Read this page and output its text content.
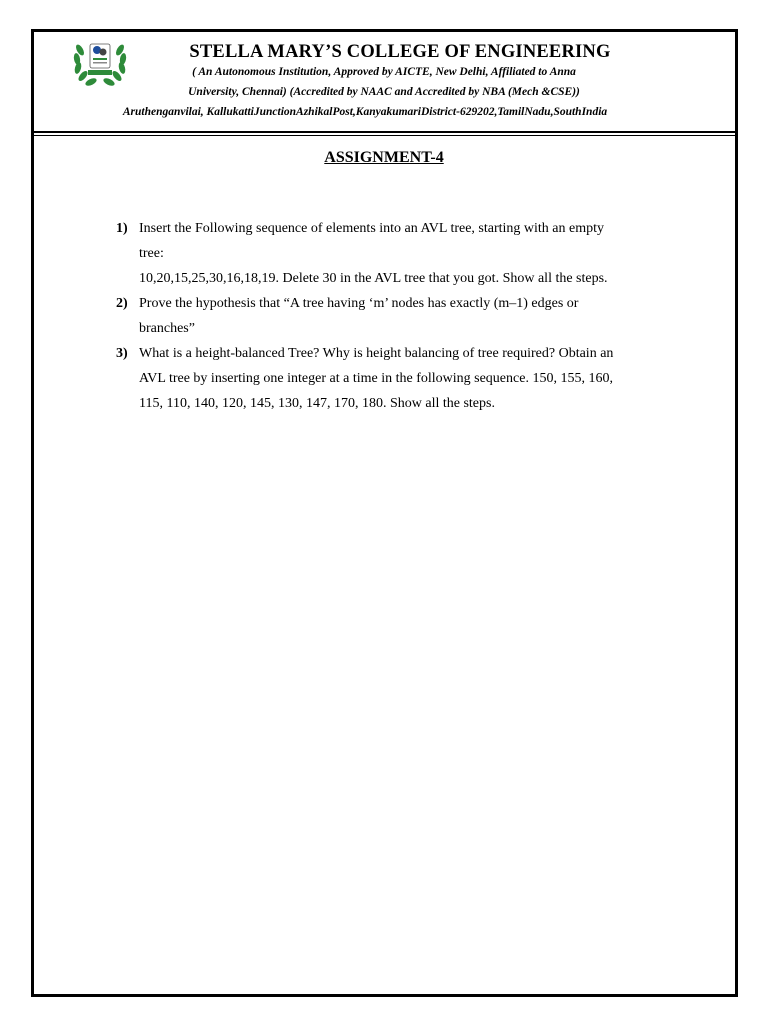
STELLA MARY’S COLLEGE OF ENGINEERING
( An Autonomous Institution, Approved by AICTE, New Delhi, Affiliated to Anna
University, Chennai) (Accredited by NAAC and Accredited by NBA (Mech &CSE))
Aruthenganvilai, KallukattiJunctionAzhikalPost,KanyakumariDistrict-629202,TamilNadu,SouthIndia
ASSIGNMENT-4
1) Insert the Following sequence of elements into an AVL tree, starting with an empty
tree:
10,20,15,25,30,16,18,19. Delete 30 in the AVL tree that you got. Show all the steps.
2) Prove the hypothesis that “A tree having ‘m’ nodes has exactly (m–1) edges or
branches”
3) What is a height-balanced Tree? Why is height balancing of tree required? Obtain an
AVL tree by inserting one integer at a time in the following sequence. 150, 155, 160,
115, 110, 140, 120, 145, 130, 147, 170, 180. Show all the steps.
